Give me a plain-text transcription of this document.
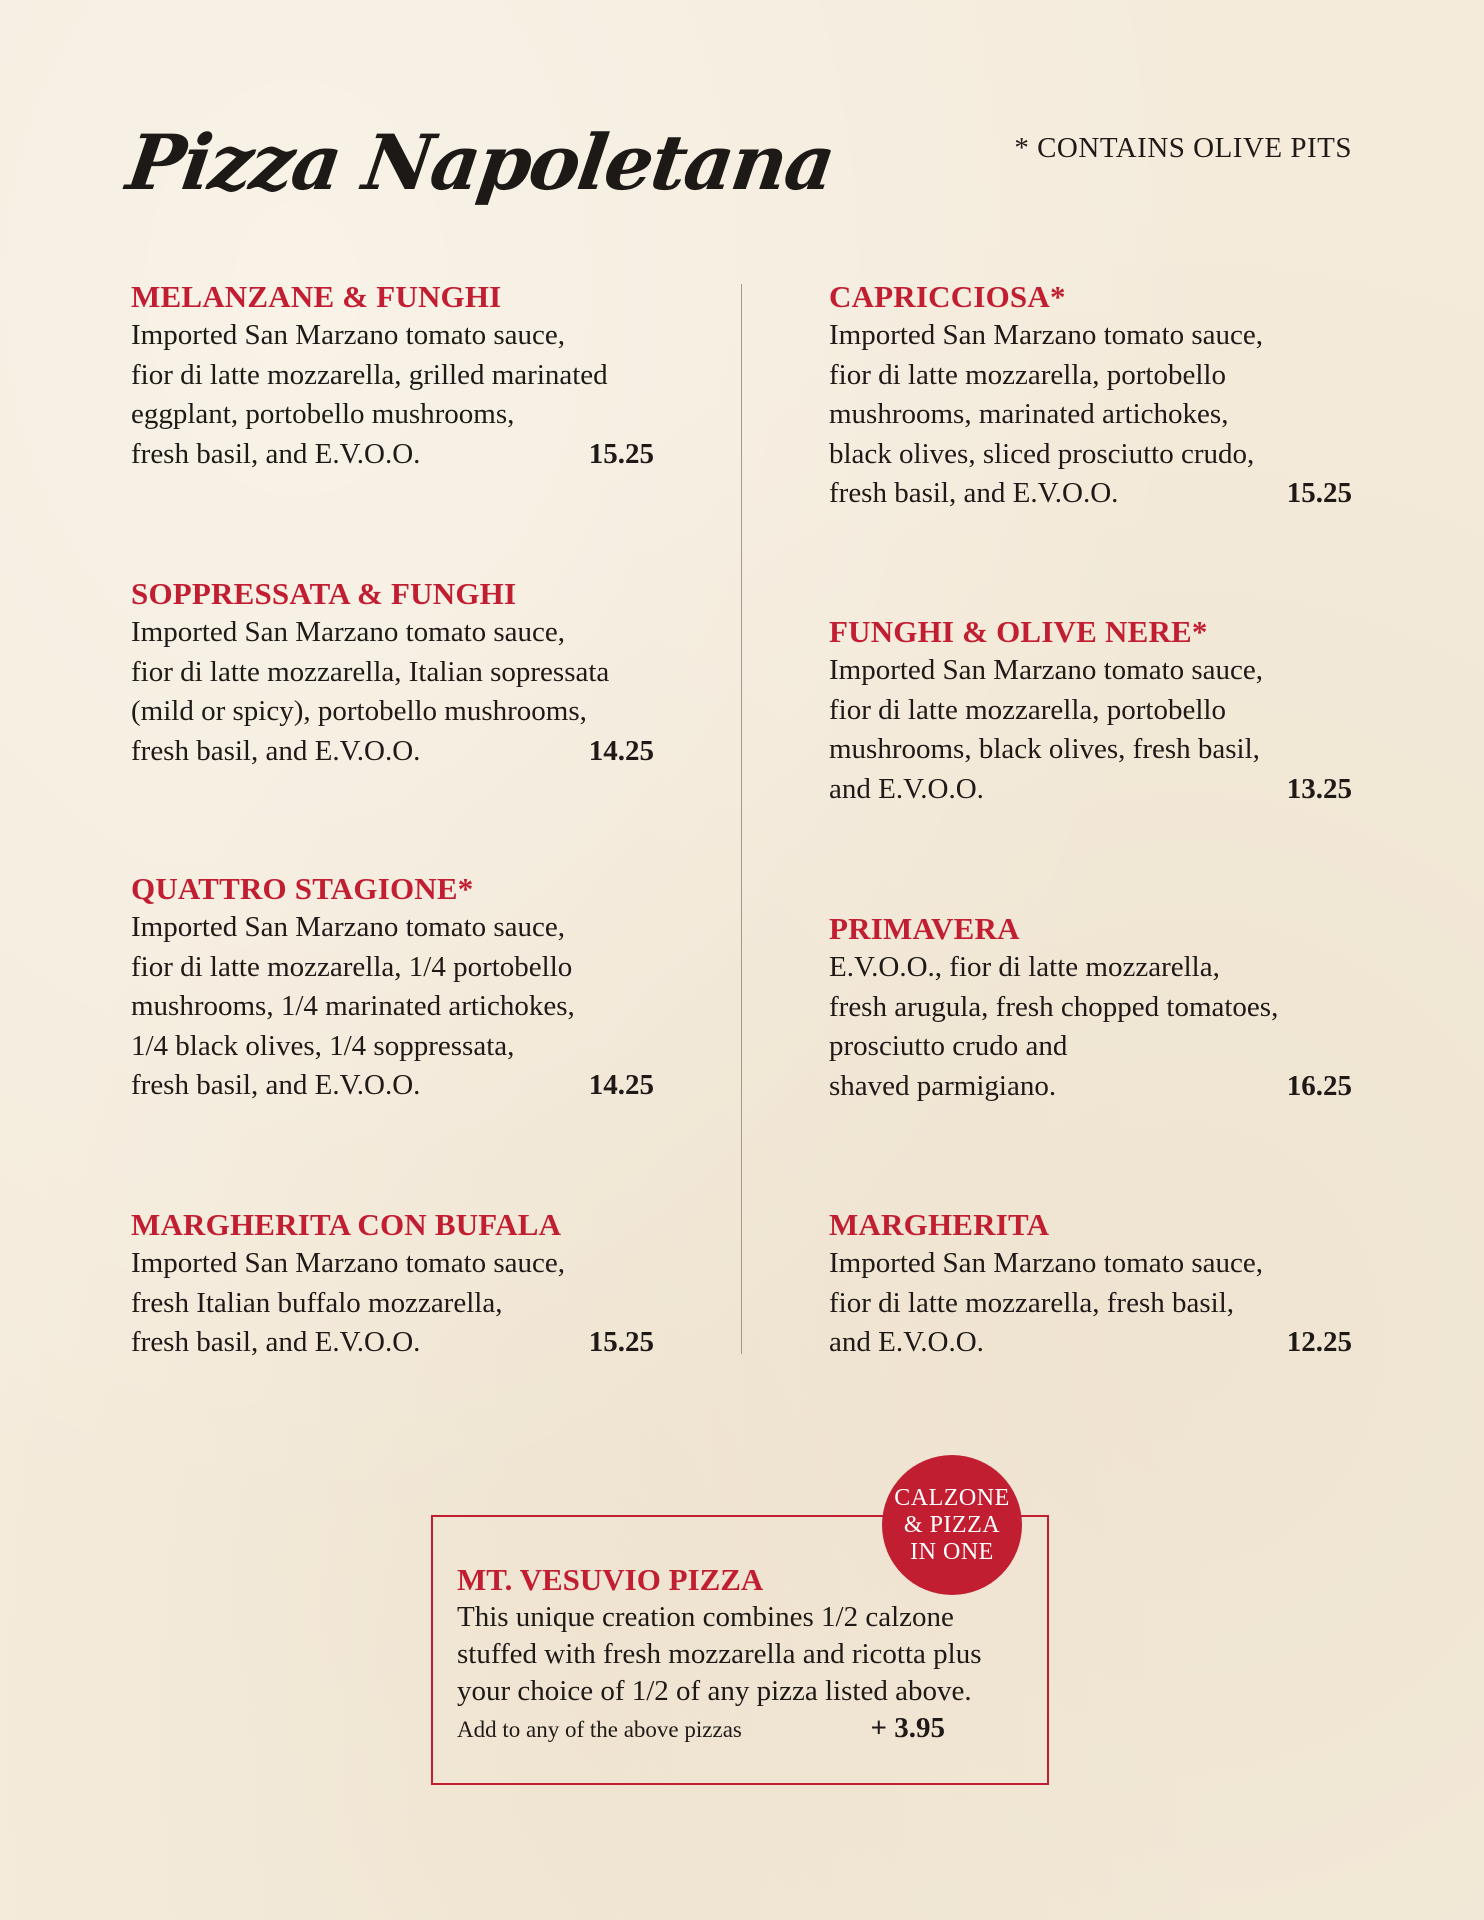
Pizza Napoletana	* CONTAINS OLIVE PITS
MELANZANE & FUNGHI
Imported San Marzano tomato sauce,
fior di latte mozzarella, grilled marinated
eggplant, portobello mushrooms,
fresh basil, and E.V.O.O.	15.25
SOPPRESSATA & FUNGHI
Imported San Marzano tomato sauce,
fior di latte mozzarella, Italian sopressata
(mild or spicy), portobello mushrooms,
fresh basil, and E.V.O.O.	14.25
QUATTRO STAGIONE*
Imported San Marzano tomato sauce,
fior di latte mozzarella, 1/4 portobello
mushrooms, 1/4 marinated artichokes,
1/4 black olives, 1/4 soppressata,
fresh basil, and E.V.O.O.	14.25
MARGHERITA CON BUFALA
Imported San Marzano tomato sauce,
fresh Italian buffalo mozzarella,
fresh basil, and E.V.O.O.	15.25
CAPRICCIOSA*
Imported San Marzano tomato sauce,
fior di latte mozzarella, portobello
mushrooms, marinated artichokes,
black olives, sliced prosciutto crudo,
fresh basil, and E.V.O.O.	15.25
FUNGHI & OLIVE NERE*
Imported San Marzano tomato sauce,
fior di latte mozzarella, portobello
mushrooms, black olives, fresh basil,
and E.V.O.O.	13.25
PRIMAVERA
E.V.O.O., fior di latte mozzarella,
fresh arugula, fresh chopped tomatoes,
prosciutto crudo and
shaved parmigiano.	16.25
MARGHERITA
Imported San Marzano tomato sauce,
fior di latte mozzarella, fresh basil,
and E.V.O.O.	12.25
MT. VESUVIO PIZZA
This unique creation combines 1/2 calzone
stuffed with fresh mozzarella and ricotta plus
your choice of 1/2 of any pizza listed above.
Add to any of the above pizzas	+ 3.95
CALZONE
& PIZZA
IN ONE
